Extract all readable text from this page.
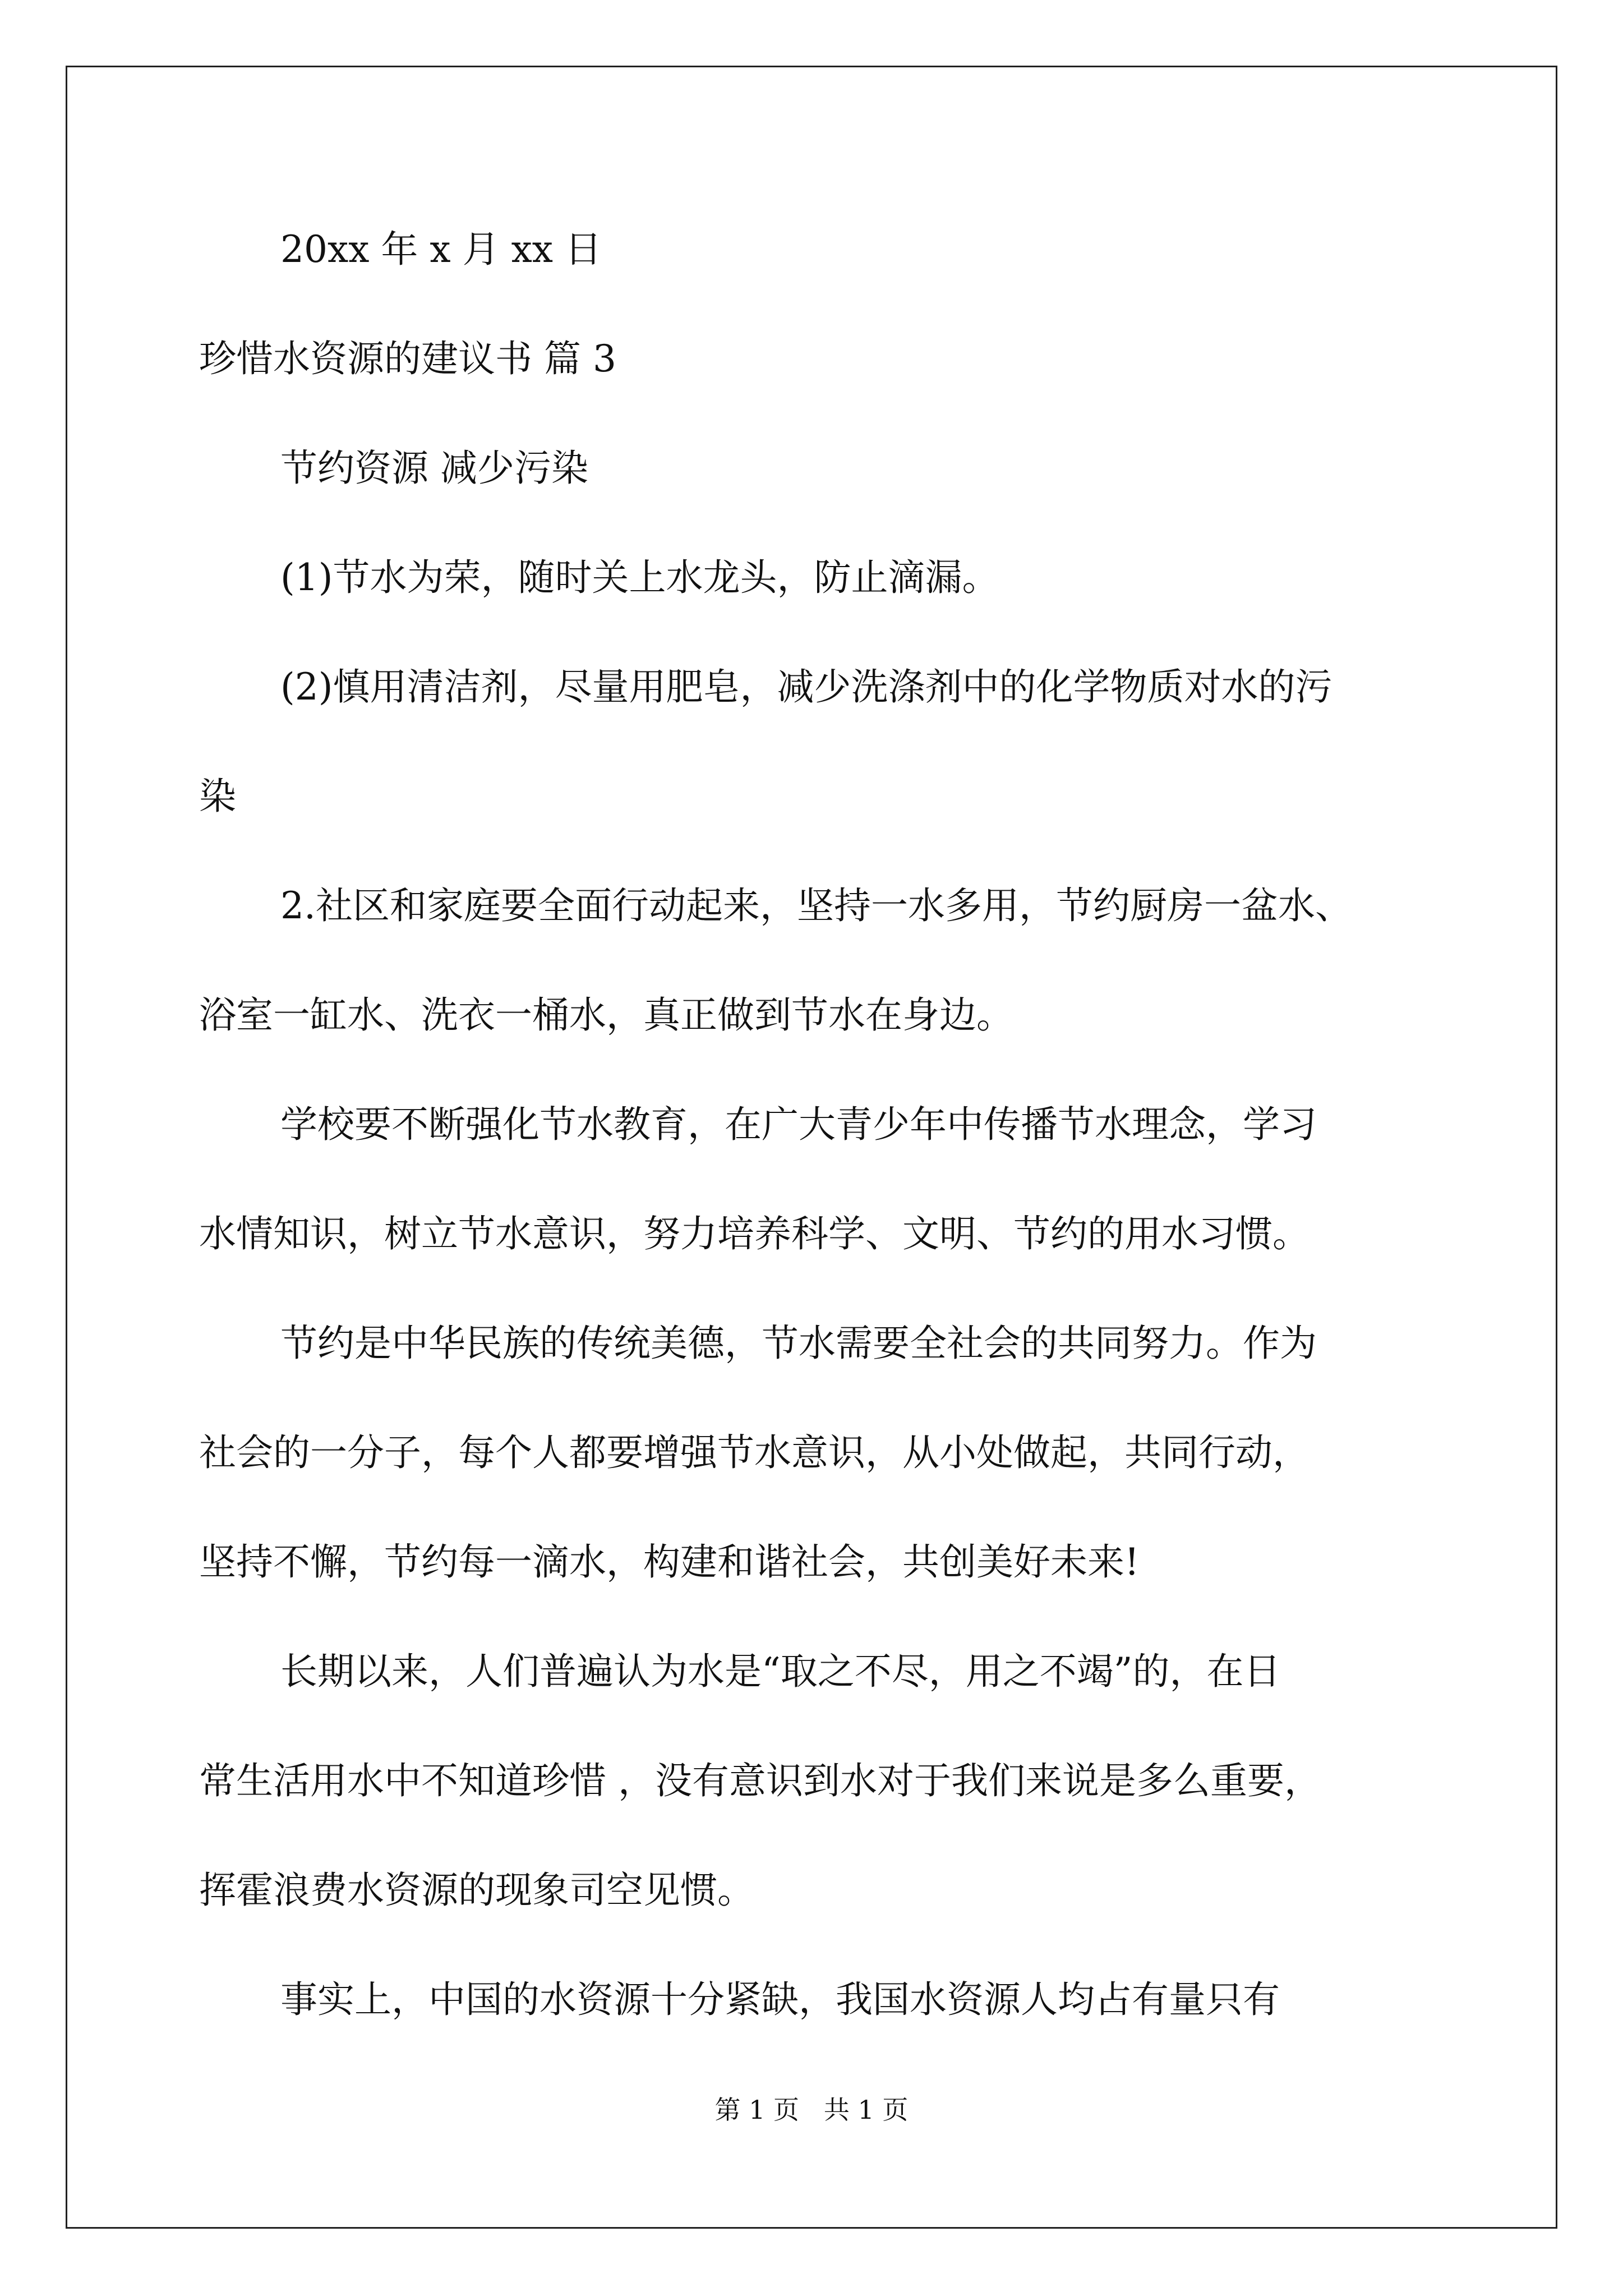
20xx 年 x 月 xx 日
珍惜水资源的建议书 篇 3
节约资源 减少污染
(1)节水为荣，随时关上水龙头，防止滴漏。
(2)慎用清洁剂，尽量用肥皂，减少洗涤剂中的化学物质对水的污
染
2.社区和家庭要全面行动起来，坚持一水多用，节约厨房一盆水、
浴室一缸水、洗衣一桶水，真正做到节水在身边。
学校要不断强化节水教育，在广大青少年中传播节水理念，学习
水情知识，树立节水意识，努力培养科学、文明、节约的用水习惯。
节约是中华民族的传统美德，节水需要全社会的共同努力。作为
社会的一分子，每个人都要增强节水意识，从小处做起，共同行动，
坚持不懈，节约每一滴水，构建和谐社会，共创美好未来!
长期以来，人们普遍认为水是“取之不尽，用之不竭”的，在日
常生活用水中不知道珍惜 ，没有意识到水对于我们来说是多么重要，
挥霍浪费水资源的现象司空见惯。
事实上，中国的水资源十分紧缺，我国水资源人均占有量只有
第 1 页   共 1 页
